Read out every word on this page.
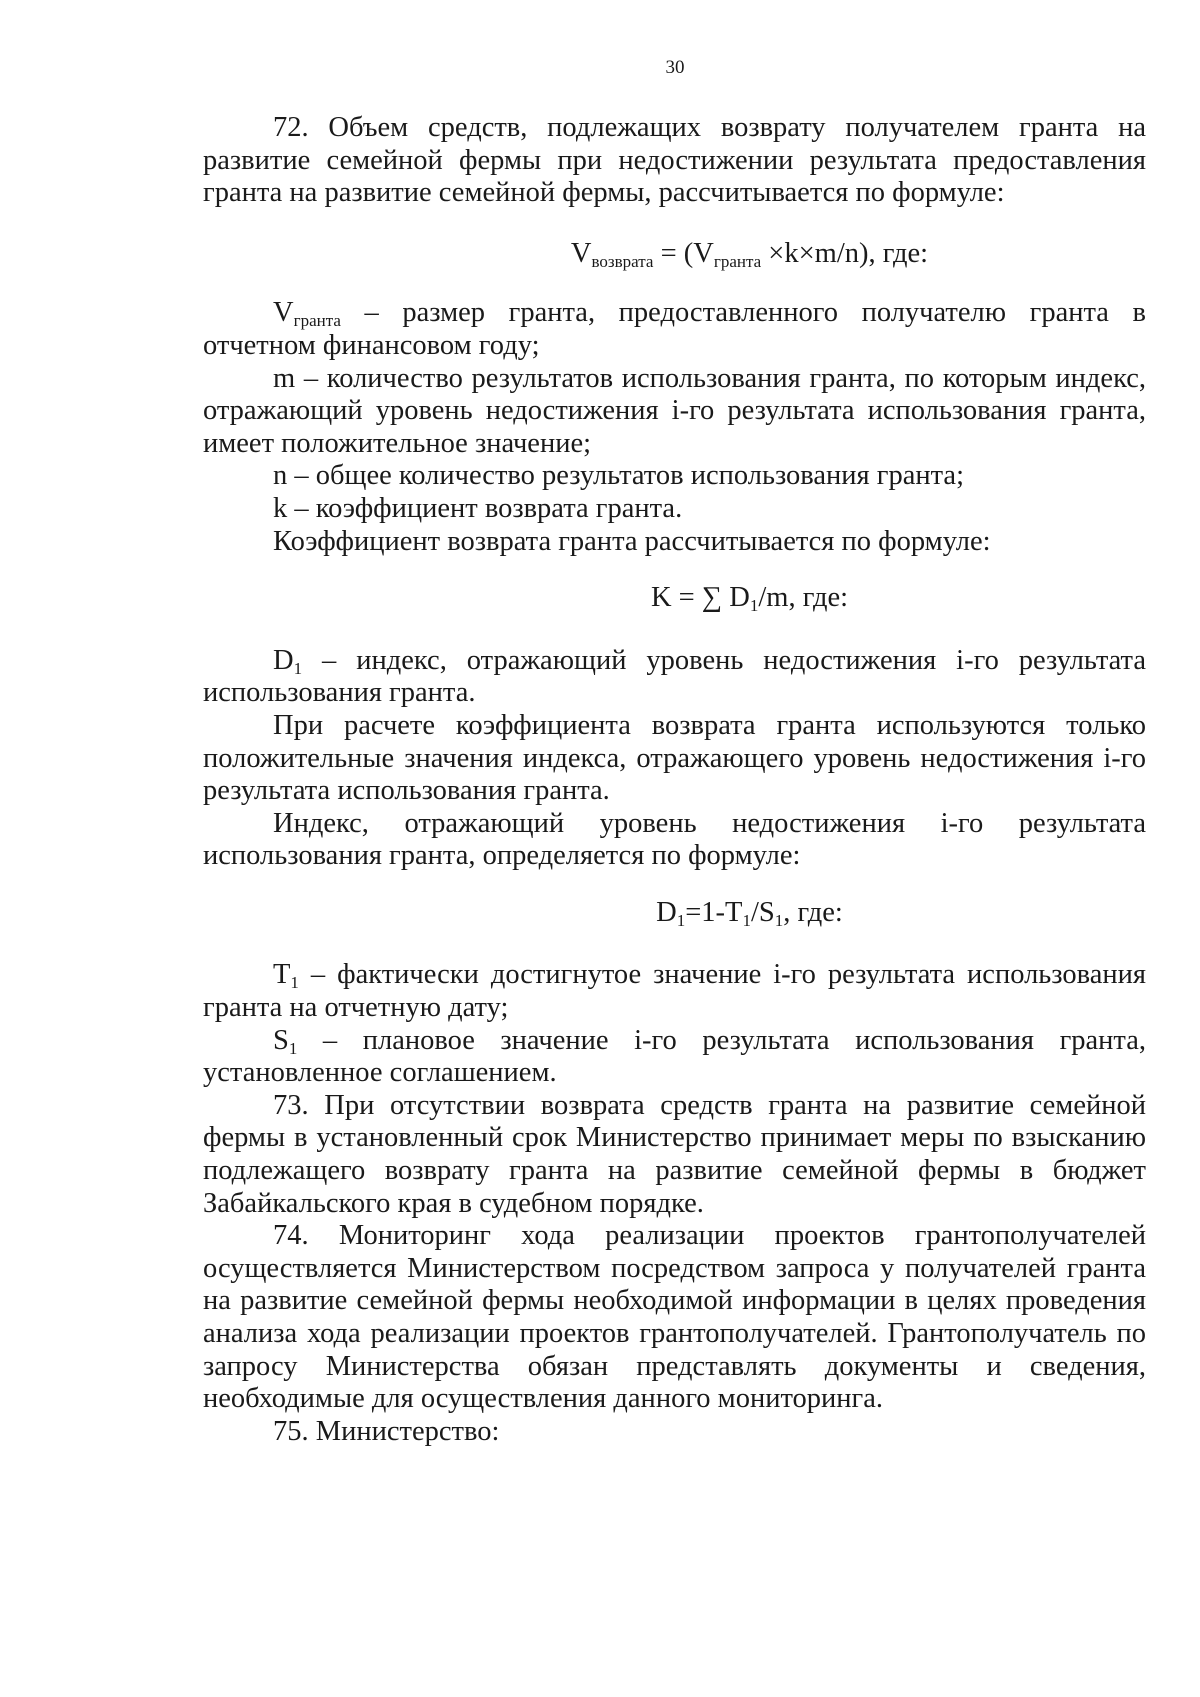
30

72. Объем средств, подлежащих возврату получателем гранта на развитие семейной фермы при недостижении результата предоставления гранта на развитие семейной фермы, рассчитывается по формуле:

$V_{возврата} = (V_{гранта} \times k\times m/n)$, где:

$V_{гранта}$ – размер гранта, предоставленного получателю гранта в отчетном финансовом году;

m – количество результатов использования гранта, по которым индекс, отражающий уровень недостижения i-го результата использования гранта, имеет положительное значение;

n – общее количество результатов использования гранта;

k – коэффициент возврата гранта.

Коэффициент возврата гранта рассчитывается по формуле:

K = ∑ $D_1/m$, где:

$D_1$ – индекс, отражающий уровень недостижения i-го результата использования гранта.

При расчете коэффициента возврата гранта используются только положительные значения индекса, отражающего уровень недостижения i-го результата использования гранта.

Индекс, отражающий уровень недостижения i-го результата использования гранта, определяется по формуле:

$D_1=1-T_1/S_1$, где:

$T_1$ – фактически достигнутое значение i-го результата использования гранта на отчетную дату;

$S_1$ – плановое значение i-го результата использования гранта, установленное соглашением.

73. При отсутствии возврата средств гранта на развитие семейной фермы в установленный срок Министерство принимает меры по взысканию подлежащего возврату гранта на развитие семейной фермы в бюджет Забайкальского края в судебном порядке.

74. Мониторинг хода реализации проектов грантополучателей осуществляется Министерством посредством запроса у получателей гранта на развитие семейной фермы необходимой информации в целях проведения анализа хода реализации проектов грантополучателей. Грантополучатель по запросу Министерства обязан представлять документы и сведения, необходимые для осуществления данного мониторинга.

75. Министерство:
